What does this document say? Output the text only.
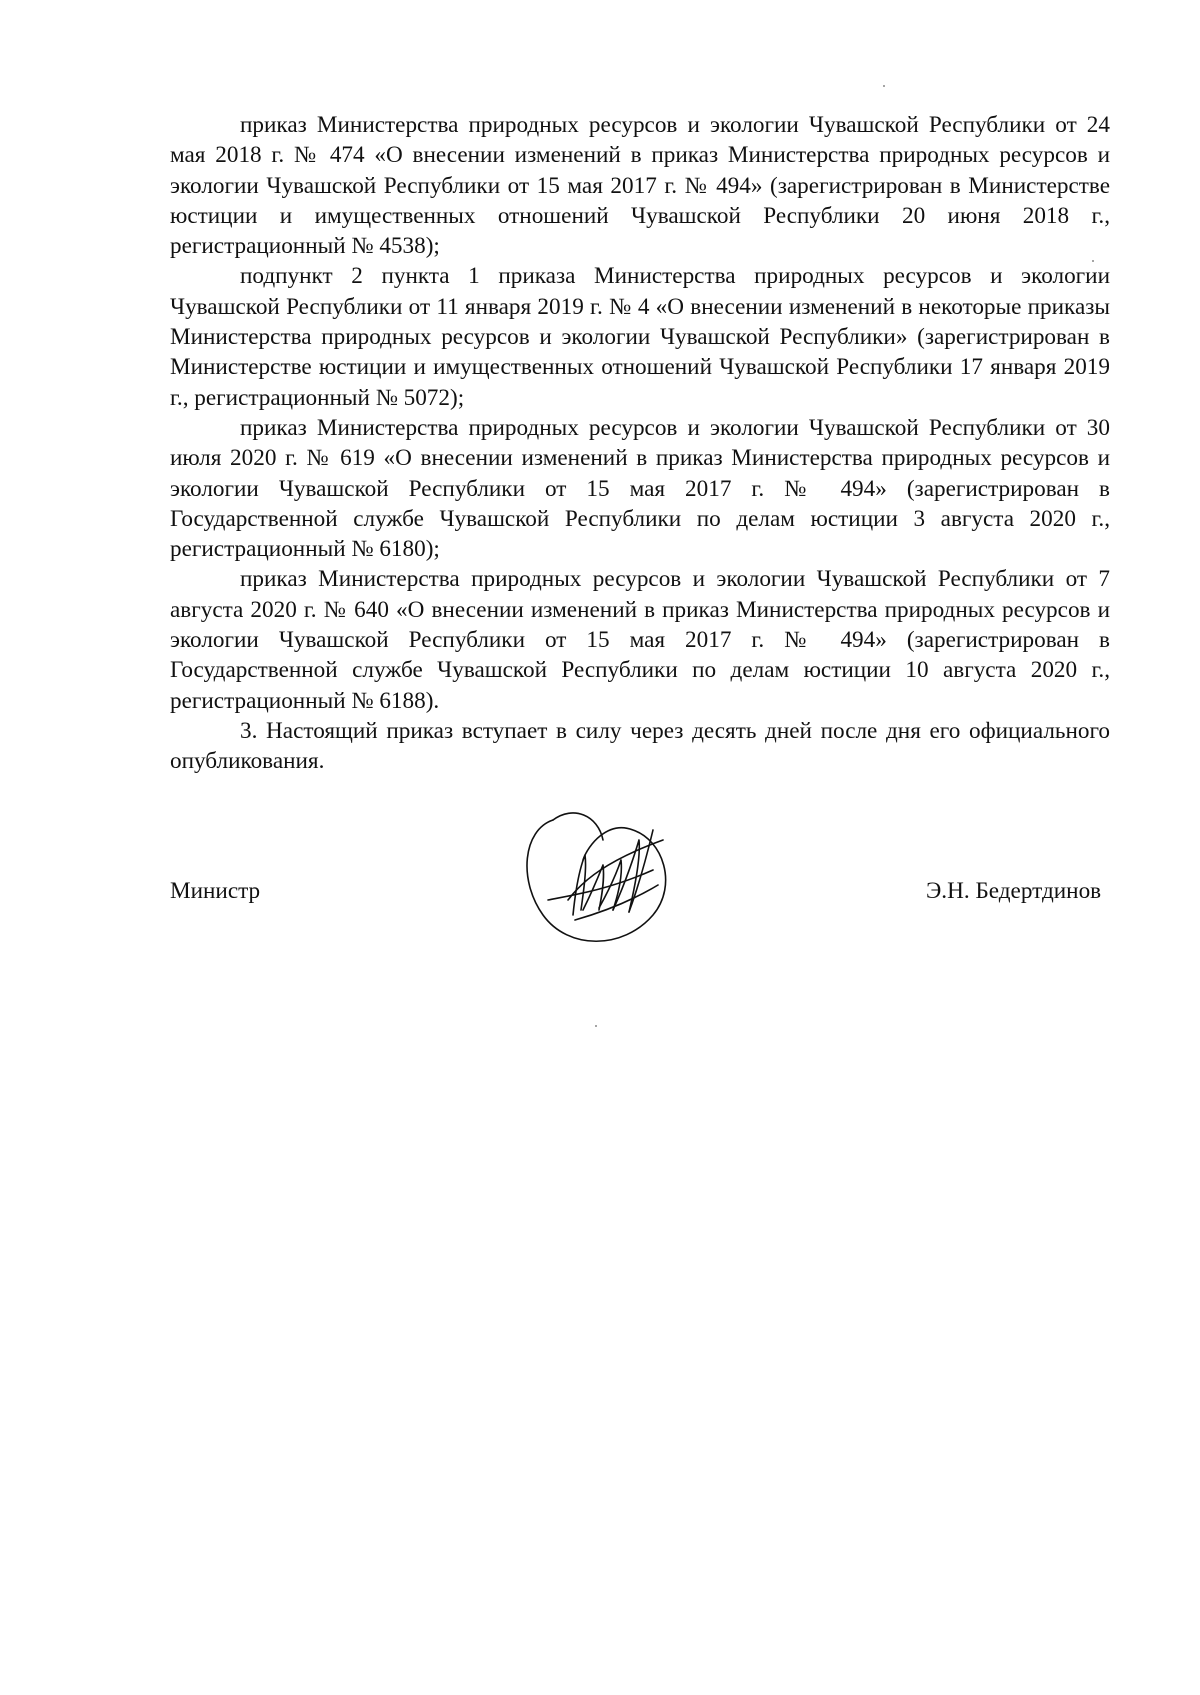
приказ Министерства природных ресурсов и экологии Чувашской Республики от 24 мая 2018 г. № 474 «О внесении изменений в приказ Министерства природных ресурсов и экологии Чувашской Республики от 15 мая 2017 г. № 494» (зарегистрирован в Министерстве юстиции и имущественных отношений Чувашской Республики 20 июня 2018 г., регистрационный № 4538);

подпункт 2 пункта 1 приказа Министерства природных ресурсов и экологии Чувашской Республики от 11 января 2019 г. № 4 «О внесении изменений в некоторые приказы Министерства природных ресурсов и экологии Чувашской Республики» (зарегистрирован в Министерстве юстиции и имущественных отношений Чувашской Республики 17 января 2019 г., регистрационный № 5072);

приказ Министерства природных ресурсов и экологии Чувашской Республики от 30 июля 2020 г. № 619 «О внесении изменений в приказ Министерства природных ресурсов и экологии Чувашской Республики от 15 мая 2017 г. № 494» (зарегистрирован в Государственной службе Чувашской Республики по делам юстиции 3 августа 2020 г., регистрационный № 6180);

приказ Министерства природных ресурсов и экологии Чувашской Республики от 7 августа 2020 г. № 640 «О внесении изменений в приказ Министерства природных ресурсов и экологии Чувашской Республики от 15 мая 2017 г. № 494» (зарегистрирован в Государственной службе Чувашской Республики по делам юстиции 10 августа 2020 г., регистрационный № 6188).

3. Настоящий приказ вступает в силу через десять дней после дня его официального опубликования.

Министр	Э.Н. Бедертдинов
